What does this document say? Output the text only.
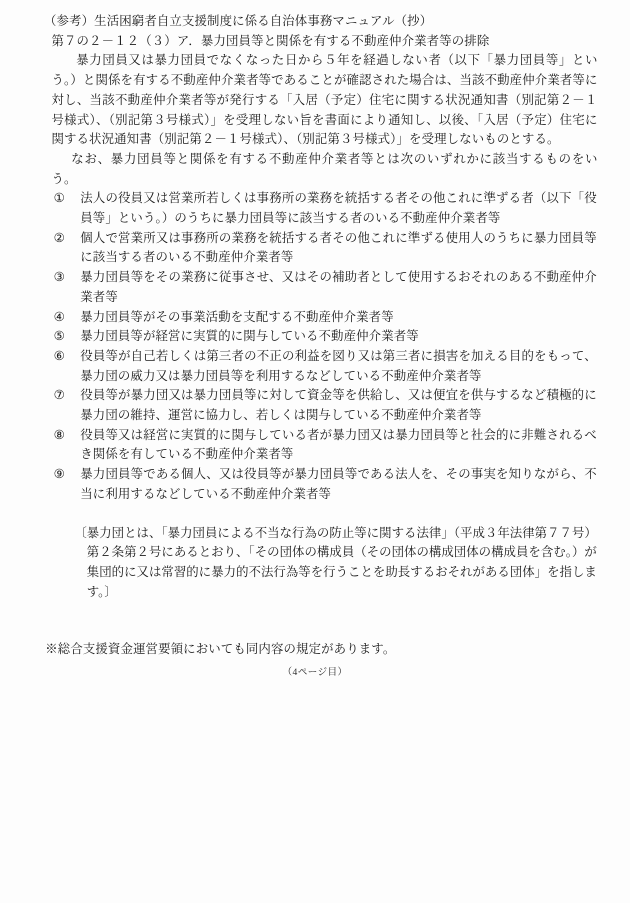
（参考）生活困窮者自立支援制度に係る自治体事務マニュアル（抄）

第７の２－１２（３）ア．暴力団員等と関係を有する不動産仲介業者等の排除

暴力団員又は暴力団員でなくなった日から５年を経過しない者（以下「暴力団員等」という。）と関係を有する不動産仲介業者等であることが確認された場合は、当該不動産仲介業者等に対し、当該不動産仲介業者等が発行する「入居（予定）住宅に関する状況通知書（別記第２－１号様式）、（別記第３号様式）」を受理しない旨を書面により通知し、以後、「入居（予定）住宅に関する状況通知書（別記第２－１号様式）、（別記第３号様式）」を受理しないものとする。

なお、暴力団員等と関係を有する不動産仲介業者等とは次のいずれかに該当するものをいう。

①	法人の役員又は営業所若しくは事務所の業務を統括する者その他これに準ずる者（以下「役員等」という。）のうちに暴力団員等に該当する者のいる不動産仲介業者等
②	個人で営業所又は事務所の業務を統括する者その他これに準ずる使用人のうちに暴力団員等に該当する者のいる不動産仲介業者等
③	暴力団員等をその業務に従事させ、又はその補助者として使用するおそれのある不動産仲介業者等
④	暴力団員等がその事業活動を支配する不動産仲介業者等
⑤	暴力団員等が経営に実質的に関与している不動産仲介業者等
⑥	役員等が自己若しくは第三者の不正の利益を図り又は第三者に損害を加える目的をもって、暴力団の威力又は暴力団員等を利用するなどしている不動産仲介業者等
⑦	役員等が暴力団又は暴力団員等に対して資金等を供給し、又は便宜を供与するなど積極的に暴力団の維持、運営に協力し、若しくは関与している不動産仲介業者等
⑧	役員等又は経営に実質的に関与している者が暴力団又は暴力団員等と社会的に非難されるべき関係を有している不動産仲介業者等
⑨	暴力団員等である個人、又は役員等が暴力団員等である法人を、その事実を知りながら、不当に利用するなどしている不動産仲介業者等
〔 暴力団とは、「暴力団員による不当な行為の防止等に関する法律」（平成３年法律第７７号）第２条第２号にあるとおり、「その団体の構成員（その団体の構成団体の構成員を含む。）が集団的に又は常習的に暴力的不法行為等を行うことを助長するおそれがある団体」を指します。〕

※総合支援資金運営要領においても同内容の規定があります。

（4ページ目）
